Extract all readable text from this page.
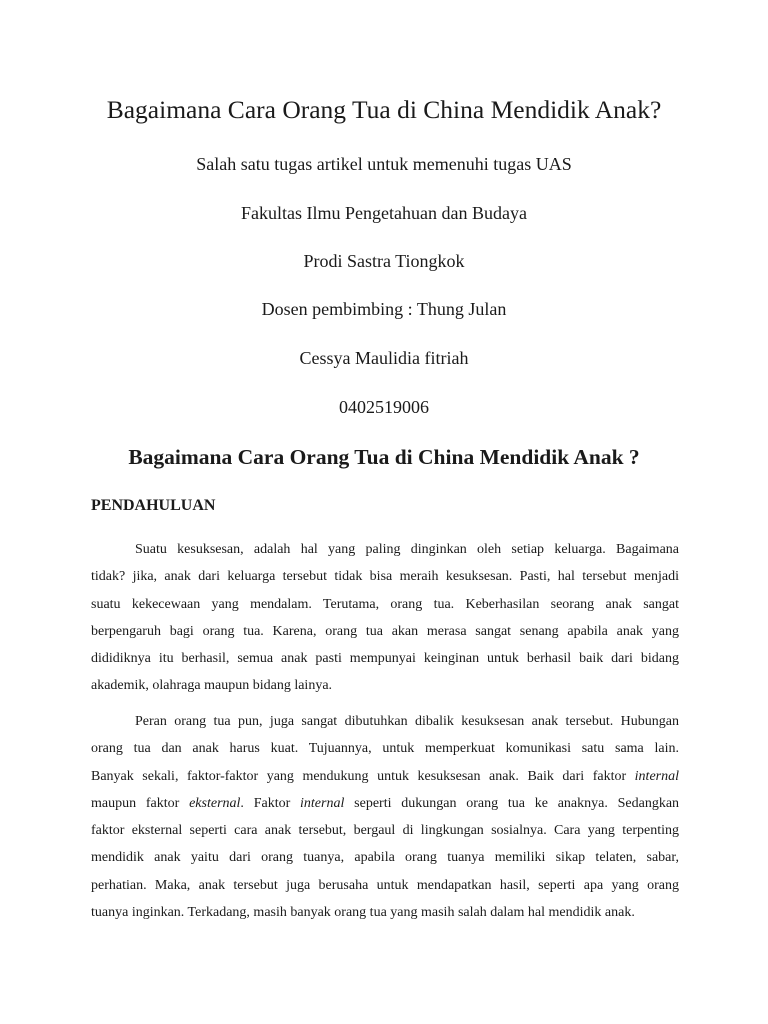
Bagaimana Cara Orang Tua di China Mendidik Anak?

Salah satu tugas artikel untuk memenuhi tugas UAS

Fakultas Ilmu Pengetahuan dan Budaya

Prodi Sastra Tiongkok

Dosen pembimbing : Thung Julan

Cessya Maulidia fitriah

0402519006

Bagaimana Cara Orang Tua di China Mendidik Anak ?
PENDAHULUAN
Suatu kesuksesan, adalah hal yang paling dinginkan oleh setiap keluarga. Bagaimana
tidak? jika, anak dari keluarga tersebut tidak bisa meraih kesuksesan. Pasti, hal tersebut menjadi
suatu kekecewaan yang mendalam. Terutama, orang tua. Keberhasilan seorang anak sangat
berpengaruh bagi orang tua. Karena, orang tua akan merasa sangat senang apabila anak yang
dididiknya itu berhasil, semua anak pasti mempunyai keinginan untuk berhasil baik dari bidang
akademik, olahraga maupun bidang lainya.
Peran orang tua pun, juga sangat dibutuhkan dibalik kesuksesan anak tersebut. Hubungan
orang tua dan anak harus kuat. Tujuannya, untuk memperkuat komunikasi satu sama lain.
Banyak sekali, faktor-faktor yang mendukung untuk kesuksesan anak. Baik dari faktor internal
maupun faktor eksternal. Faktor internal seperti dukungan orang tua ke anaknya. Sedangkan
faktor eksternal seperti cara anak tersebut, bergaul di lingkungan sosialnya. Cara yang terpenting
mendidik anak yaitu dari orang tuanya, apabila orang tuanya memiliki sikap telaten, sabar,
perhatian. Maka, anak tersebut juga berusaha untuk mendapatkan hasil, seperti apa yang orang
tuanya inginkan. Terkadang, masih banyak orang tua yang masih salah dalam hal mendidik anak.
